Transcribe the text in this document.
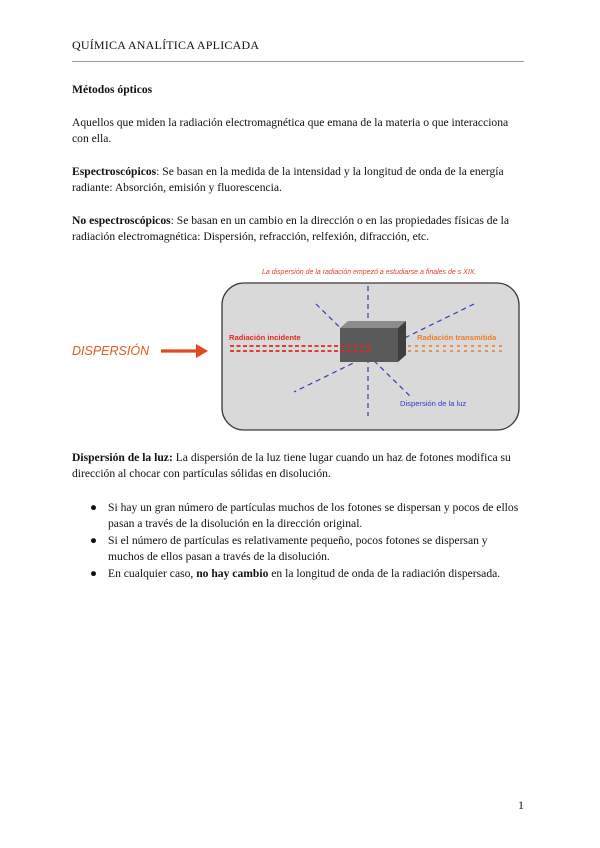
QUÍMICA ANALÍTICA APLICADA

Métodos ópticos

Aquellos que miden la radiación electromagnética que emana de la materia o que interacciona con ella.

Espectroscópicos: Se basan en la medida de la intensidad y la longitud de onda de la energía radiante: Absorción, emisión y fluorescencia.

No espectroscópicos: Se basan en un cambio en la dirección o en las propiedades físicas de la radiación electromagnética: Dispersión, refracción, relfexión, difracción, etc.

La dispersión de la radiación empezó a estudiarse a finales de s XIX.
DISPERSIÓN
Radiación incidente	Radiación transmitida
Dispersión de la luz

Dispersión de la luz: La dispersión de la luz tiene lugar cuando un haz de fotones modifica su dirección al chocar con partículas sólidas en disolución.

● Si hay un gran número de partículas muchos de los fotones se dispersan y pocos de ellos pasan a través de la disolución en la dirección original.
● Si el número de partículas es relativamente pequeño, pocos fotones se dispersan y muchos de ellos pasan a través de la disolución.
● En cualquier caso, no hay cambio en la longitud de onda de la radiación dispersada.
1
